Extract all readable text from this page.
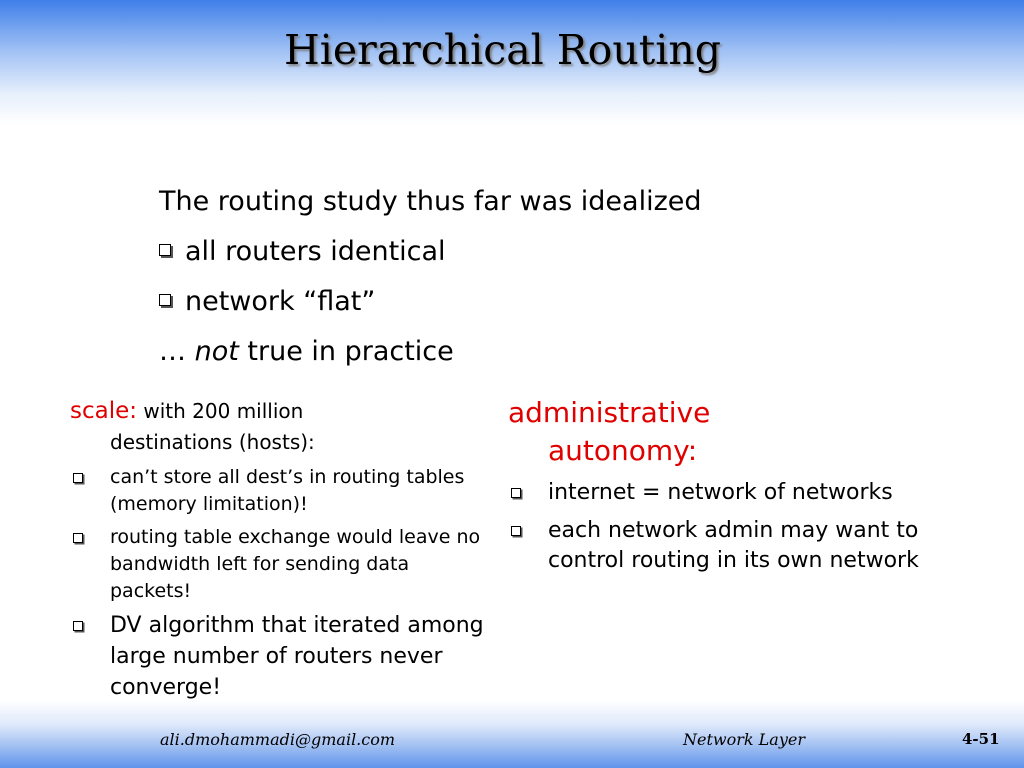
Hierarchical Routing
The routing study thus far was idealized
all routers identical
network “flat”
… not true in practice
scale: with 200 million
destinations (hosts):
can’t store all dest’s in routing tables (memory limitation)!
routing table exchange would leave no bandwidth left for sending data packets!
DV algorithm that iterated among large number of routers never converge!
administrative
autonomy:
internet = network of networks
each network admin may want to control routing in its own network
ali.dmohammadi@gmail.com	Network Layer	4-51
